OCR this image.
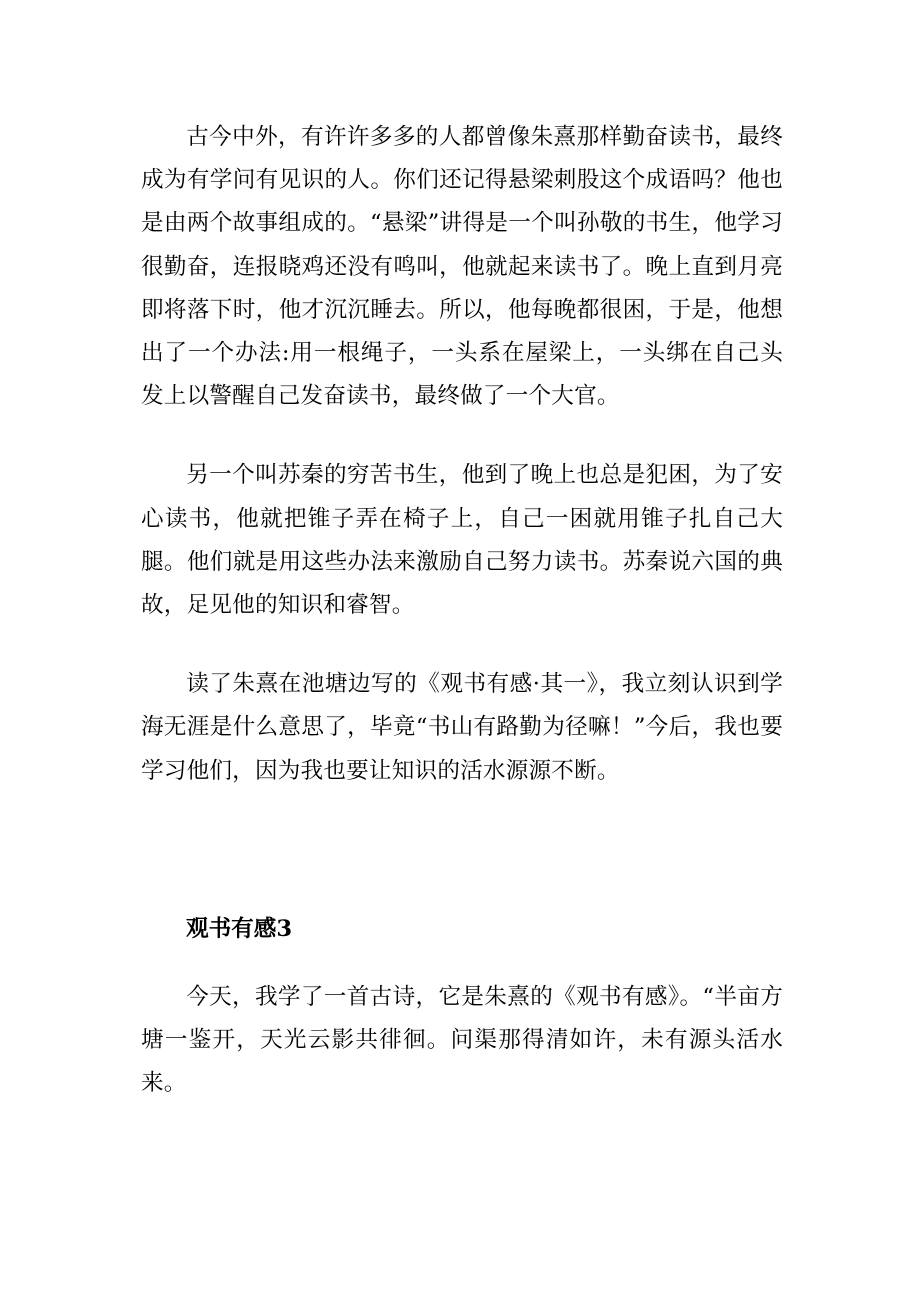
古今中外，有许许多多的人都曾像朱熹那样勤奋读书，最终成为有学问有见识的人。你们还记得悬梁刺股这个成语吗？他也是由两个故事组成的。“悬梁”讲得是一个叫孙敬的书生，他学习很勤奋，连报晓鸡还没有鸣叫，他就起来读书了。晚上直到月亮即将落下时，他才沉沉睡去。所以，他每晚都很困，于是，他想出了一个办法:用一根绳子，一头系在屋梁上，一头绑在自己头发上以警醒自己发奋读书，最终做了一个大官。

另一个叫苏秦的穷苦书生，他到了晚上也总是犯困，为了安心读书，他就把锥子弄在椅子上，自己一困就用锥子扎自己大腿。他们就是用这些办法来激励自己努力读书。苏秦说六国的典故，足见他的知识和睿智。

读了朱熹在池塘边写的《观书有感·其一》，我立刻认识到学海无涯是什么意思了，毕竟“书山有路勤为径嘛！”今后，我也要学习他们，因为我也要让知识的活水源源不断。

观书有感3

今天，我学了一首古诗，它是朱熹的《观书有感》。“半亩方塘一鉴开，天光云影共徘徊。问渠那得清如许，未有源头活水来。
